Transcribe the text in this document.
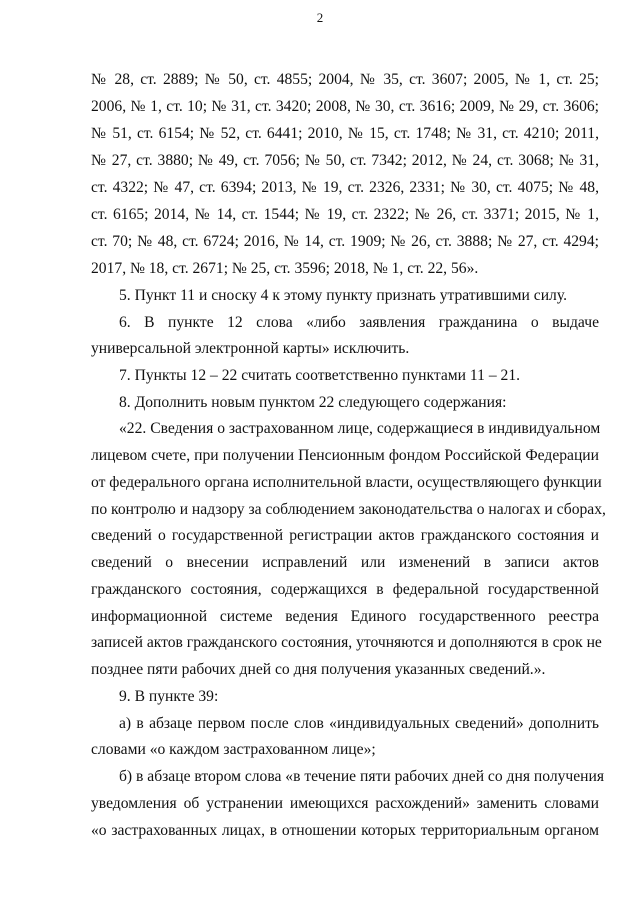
2
№ 28, ст. 2889; № 50, ст. 4855; 2004, № 35, ст. 3607; 2005, № 1, ст. 25;
2006, № 1, ст. 10; № 31, ст. 3420; 2008, № 30, ст. 3616; 2009, № 29, ст. 3606;
№ 51, ст. 6154; № 52, ст. 6441; 2010, № 15, ст. 1748; № 31, ст. 4210; 2011,
№ 27, ст. 3880; № 49, ст. 7056; № 50, ст. 7342; 2012, № 24, ст. 3068; № 31,
ст. 4322; № 47, ст. 6394; 2013, № 19, ст. 2326, 2331; № 30, ст. 4075; № 48,
ст. 6165; 2014, № 14, ст. 1544; № 19, ст. 2322; № 26, ст. 3371; 2015, № 1,
ст. 70; № 48, ст. 6724; 2016, № 14, ст. 1909; № 26, ст. 3888; № 27, ст. 4294;
2017, № 18, ст. 2671; № 25, ст. 3596; 2018, № 1, ст. 22, 56».
5. Пункт 11 и сноску 4 к этому пункту признать утратившими силу.
6. В пункте 12 слова «либо заявления гражданина о выдаче
универсальной электронной карты» исключить.
7. Пункты 12 – 22 считать соответственно пунктами 11 – 21.
8. Дополнить новым пунктом 22 следующего содержания:
«22. Сведения о застрахованном лице, содержащиеся в индивидуальном
лицевом счете, при получении Пенсионным фондом Российской Федерации
от федерального органа исполнительной власти, осуществляющего функции
по контролю и надзору за соблюдением законодательства о налогах и сборах,
сведений о государственной регистрации актов гражданского состояния и
сведений о внесении исправлений или изменений в записи актов
гражданского состояния, содержащихся в федеральной государственной
информационной системе ведения Единого государственного реестра
записей актов гражданского состояния, уточняются и дополняются в срок не
позднее пяти рабочих дней со дня получения указанных сведений.».
9. В пункте 39:
а) в абзаце первом после слов «индивидуальных сведений» дополнить
словами «о каждом застрахованном лице»;
б) в абзаце втором слова «в течение пяти рабочих дней со дня получения
уведомления об устранении имеющихся расхождений» заменить словами
«о застрахованных лицах, в отношении которых территориальным органом
